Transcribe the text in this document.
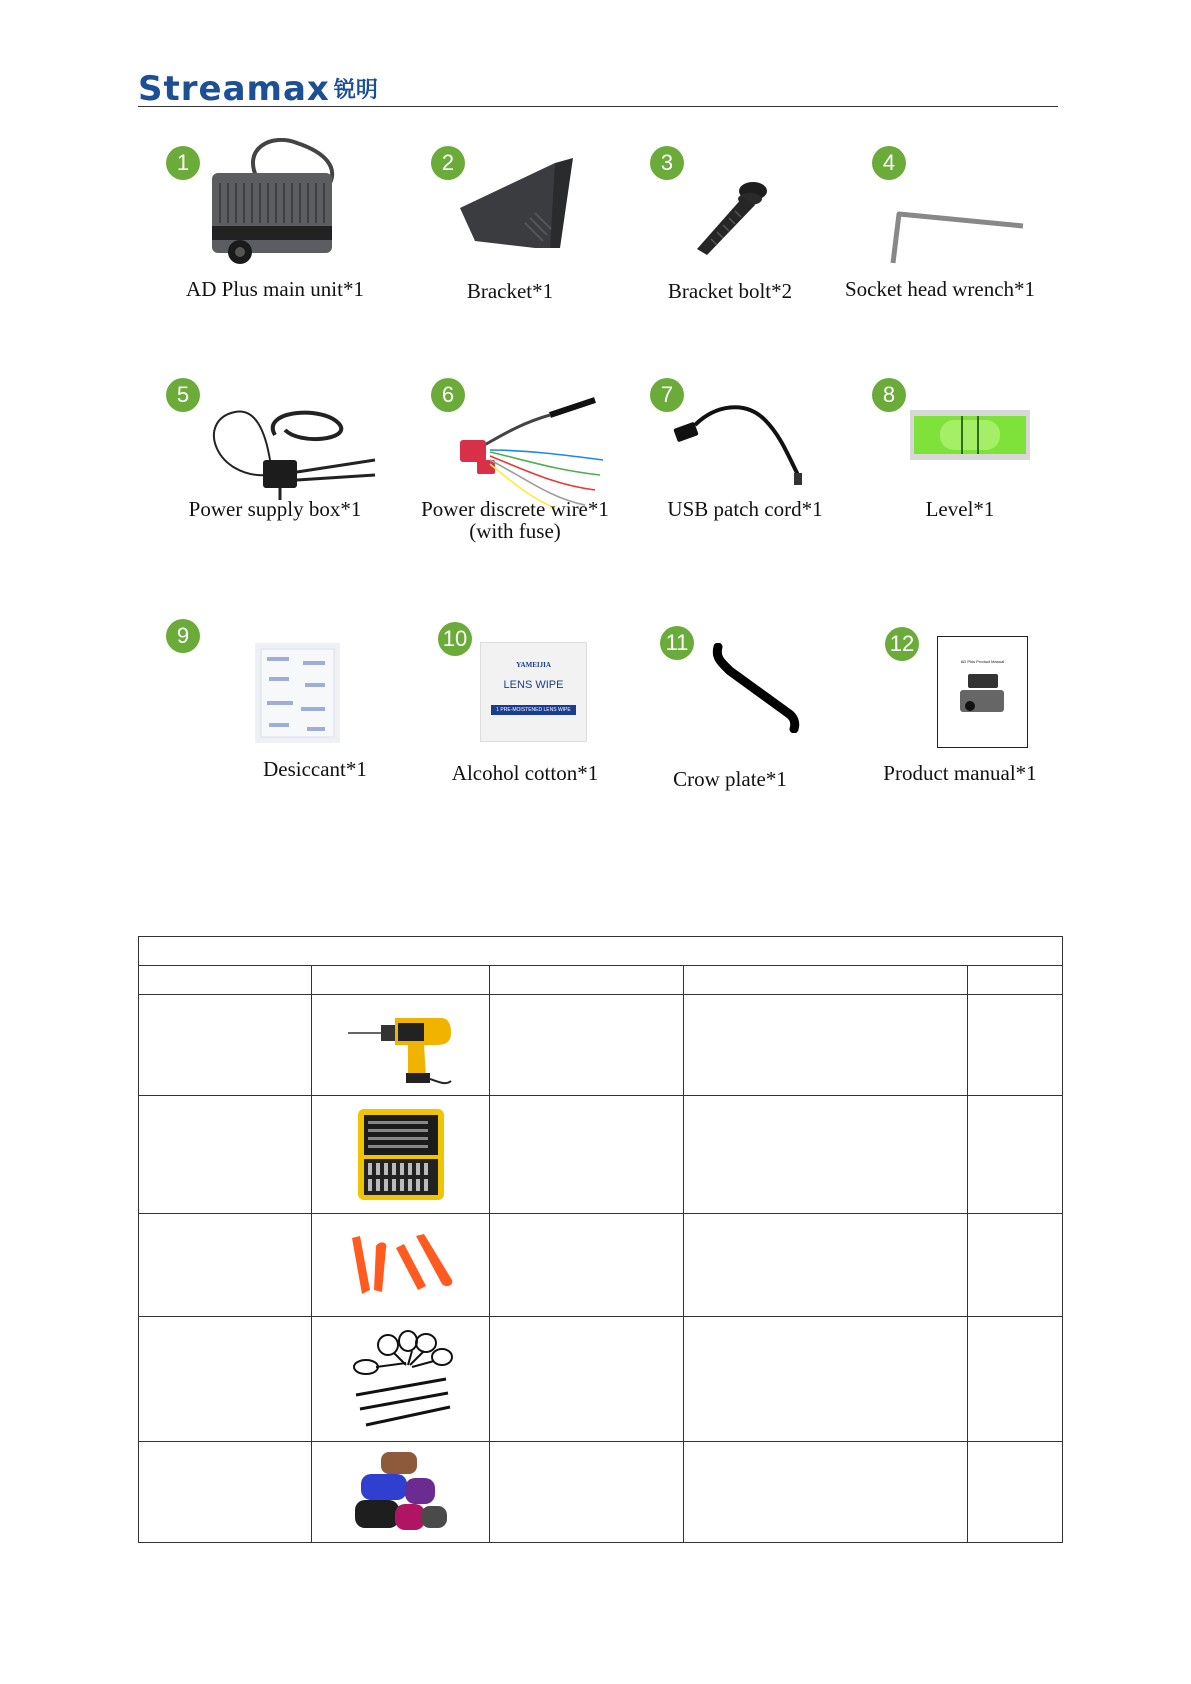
Streamax 锐明
1
AD Plus main unit*1
2
Bracket*1
3
Bracket bolt*2
4
Socket head wrench*1
5
Power supply box*1
6
Power discrete wire*1
(with fuse)
7
USB patch cord*1
8
Level*1
9
Desiccant*1
10
YAMEIJIA
LENS WIPE
1 PRE-MOISTENED LENS WIPE
Alcohol cotton*1
11
Crow plate*1
12
AD Plus Product Manual
Product manual*1
